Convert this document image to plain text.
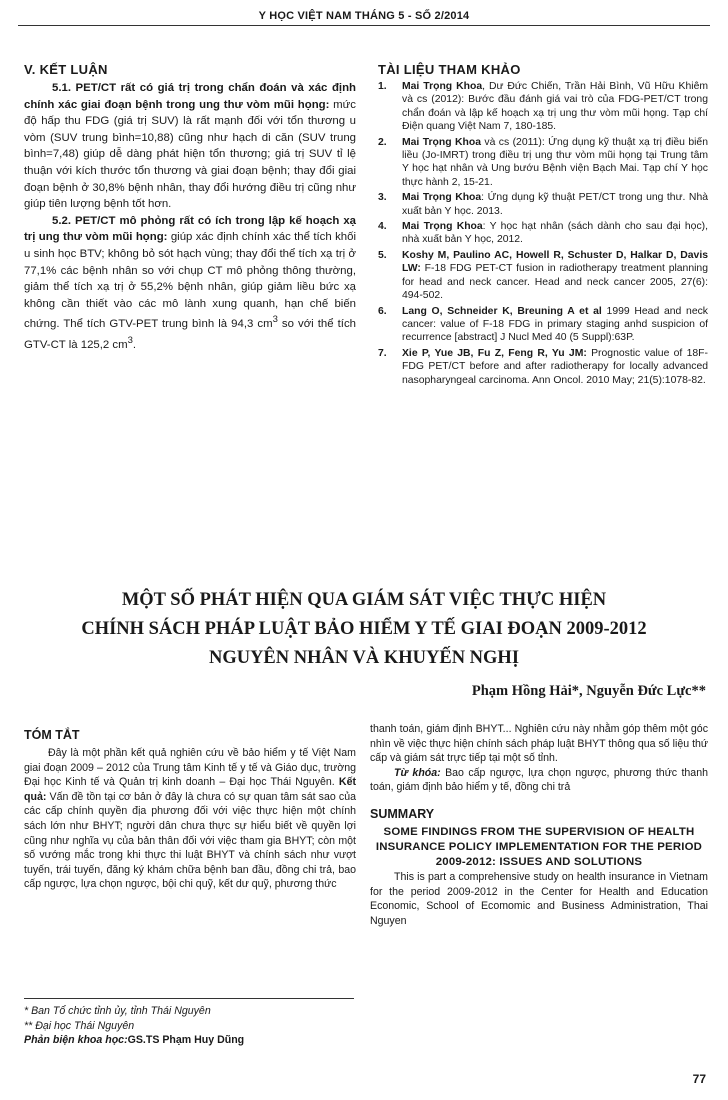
Y HỌC VIỆT NAM THÁNG 5 - SỐ 2/2014
V. KẾT LUẬN

5.1. PET/CT rất có giá trị trong chẩn đoán và xác định chính xác giai đoạn bệnh trong ung thư vòm mũi họng: mức độ hấp thu FDG (giá trị SUV) là rất mạnh đối với tổn thương u vòm (SUV trung bình=10,88) cũng như hạch di căn (SUV trung bình=7,48) giúp dễ dàng phát hiện tổn thương; giá trị SUV tỉ lệ thuận với kích thước tổn thương và giai đoạn bệnh; thay đổi giai đoạn bệnh ở 30,8% bệnh nhân, thay đổi hướng điều trị cũng như giúp tiên lượng bệnh tốt hơn.

5.2. PET/CT mô phỏng rất có ích trong lập kế hoạch xạ trị ung thư vòm mũi họng: giúp xác định chính xác thể tích khối u sinh học BTV; không bỏ sót hạch vùng; thay đổi thể tích xạ trị ở 77,1% các bệnh nhân so với chụp CT mô phỏng thông thường, giảm thể tích xạ trị ở 55,2% bệnh nhân, giúp giảm liều bức xạ không cần thiết vào các mô lành xung quanh, hạn chế biến chứng. Thể tích GTV-PET trung bình là 94,3 $cm^3$ so với thể tích GTV-CT là 125,2 $cm^3$.

TÀI LIỆU THAM KHẢO
1. Mai Trọng Khoa, Dư Đức Chiến, Trần Hải Bình, Vũ Hữu Khiêm và cs (2012): Bước đầu đánh giá vai trò của FDG-PET/CT trong chẩn đoán và lập kế hoạch xạ trị ung thư vòm mũi họng. Tạp chí Điện quang Việt Nam 7, 180-185.
2. Mai Trọng Khoa và cs (2011): Ứng dụng kỹ thuật xạ trị điều biến liều (Jo-IMRT) trong điều trị ung thư vòm mũi họng tại Trung tâm Y học hạt nhân và Ung bướu Bệnh viện Bạch Mai. Tạp chí Y học thực hành 2, 15-21.
3. Mai Trọng Khoa: Ứng dụng kỹ thuật PET/CT trong ung thư. Nhà xuất bản Y học. 2013.
4. Mai Trọng Khoa: Y học hạt nhân (sách dành cho sau đại học), nhà xuất bản Y học, 2012.
5. Koshy M, Paulino AC, Howell R, Schuster D, Halkar D, Davis LW: F-18 FDG PET-CT fusion in radiotherapy treatment planning for head and neck cancer. Head and neck cancer 2005, 27(6): 494-502.
6. Lang O, Schneider K, Breuning A et al 1999 Head and neck cancer: value of F-18 FDG in primary staging anhd suspicion of recurrence [abstract] J Nucl Med 40 (5 Suppl):63P.
7. Xie P, Yue JB, Fu Z, Feng R, Yu JM: Prognostic value of 18F-FDG PET/CT before and after radiotherapy for locally advanced nasopharyngeal carcinoma. Ann Oncol. 2010 May; 21(5):1078-82.
MỘT SỐ PHÁT HIỆN QUA GIÁM SÁT VIỆC THỰC HIỆN
CHÍNH SÁCH PHÁP LUẬT BẢO HIỂM Y TẾ GIAI ĐOẠN 2009-2012
NGUYÊN NHÂN VÀ KHUYẾN NGHỊ
Phạm Hồng Hải*, Nguyễn Đức Lực**
TÓM TẮT

Đây là một phần kết quả nghiên cứu về bảo hiểm y tế Việt Nam giai đoạn 2009 – 2012 của Trung tâm Kinh tế y tế và Giáo dục, trường Đại học Kinh tế và Quản trị kinh doanh – Đại học Thái Nguyên. Kết quả: Vấn đề tồn tại cơ bản ở đây là chưa có sự quan tâm sát sao của các cấp chính quyền địa phương đối với việc thực hiện một chính sách lớn như BHYT; người dân chưa thực sự hiểu biết về quyền lợi cũng như nghĩa vụ của bản thân đối với việc tham gia BHYT; còn một số vướng mắc trong khi thực thi luật BHYT và chính sách như vượt tuyến, trái tuyến, đăng ký khám chữa bệnh ban đầu, đồng chi trả, bao cấp ngược, lựa chọn ngược, bội chi quỹ, kết dư quỹ, phương thức

thanh toán, giám định BHYT... Nghiên cứu này nhằm góp thêm một góc nhìn về việc thực hiện chính sách pháp luật BHYT thông qua số liệu thứ cấp và giám sát trực tiếp tại một số tỉnh.

Từ khóa: Bao cấp ngược, lựa chọn ngược, phương thức thanh toán, giám định bảo hiểm y tế, đồng chi trả

SUMMARY
SOME FINDINGS FROM THE SUPERVISION OF HEALTH INSURANCE POLICY IMPLEMENTATION FOR THE PERIOD 2009-2012: ISSUES AND SOLUTIONS

This is part a comprehensive study on health insurance in Vietnam for the period 2009-2012 in the Center for Health and Education Economic, School of Ecomomic and Business Administration, Thai Nguyen

* Ban Tổ chức tỉnh ủy, tỉnh Thái Nguyên
** Đại học Thái Nguyên
Phản biện khoa học:GS.TS Phạm Huy Dũng
77
